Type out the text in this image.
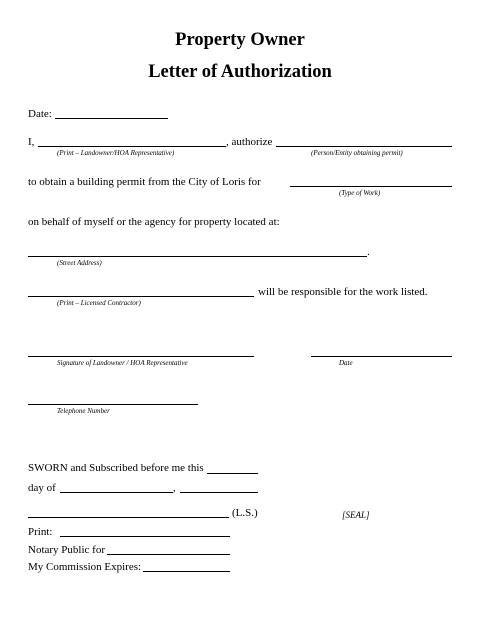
Property Owner
Letter of Authorization
Date:
I,	, authorize
(Print – Landowner/HOA Representative)	(Person/Entity obtaining permit)
to obtain a building permit from the City of Loris for
(Type of Work)
on behalf of myself or the agency for property located at:
.
(Street Address)
will be responsible for the work listed.
(Print – Licensed Contractor)
Signature of Landowner / HOA Representative	Date
Telephone Number
SWORN and Subscribed before me this
day of	,
(L.S.)	[SEAL]
Print:
Notary Public for
My Commission Expires:
